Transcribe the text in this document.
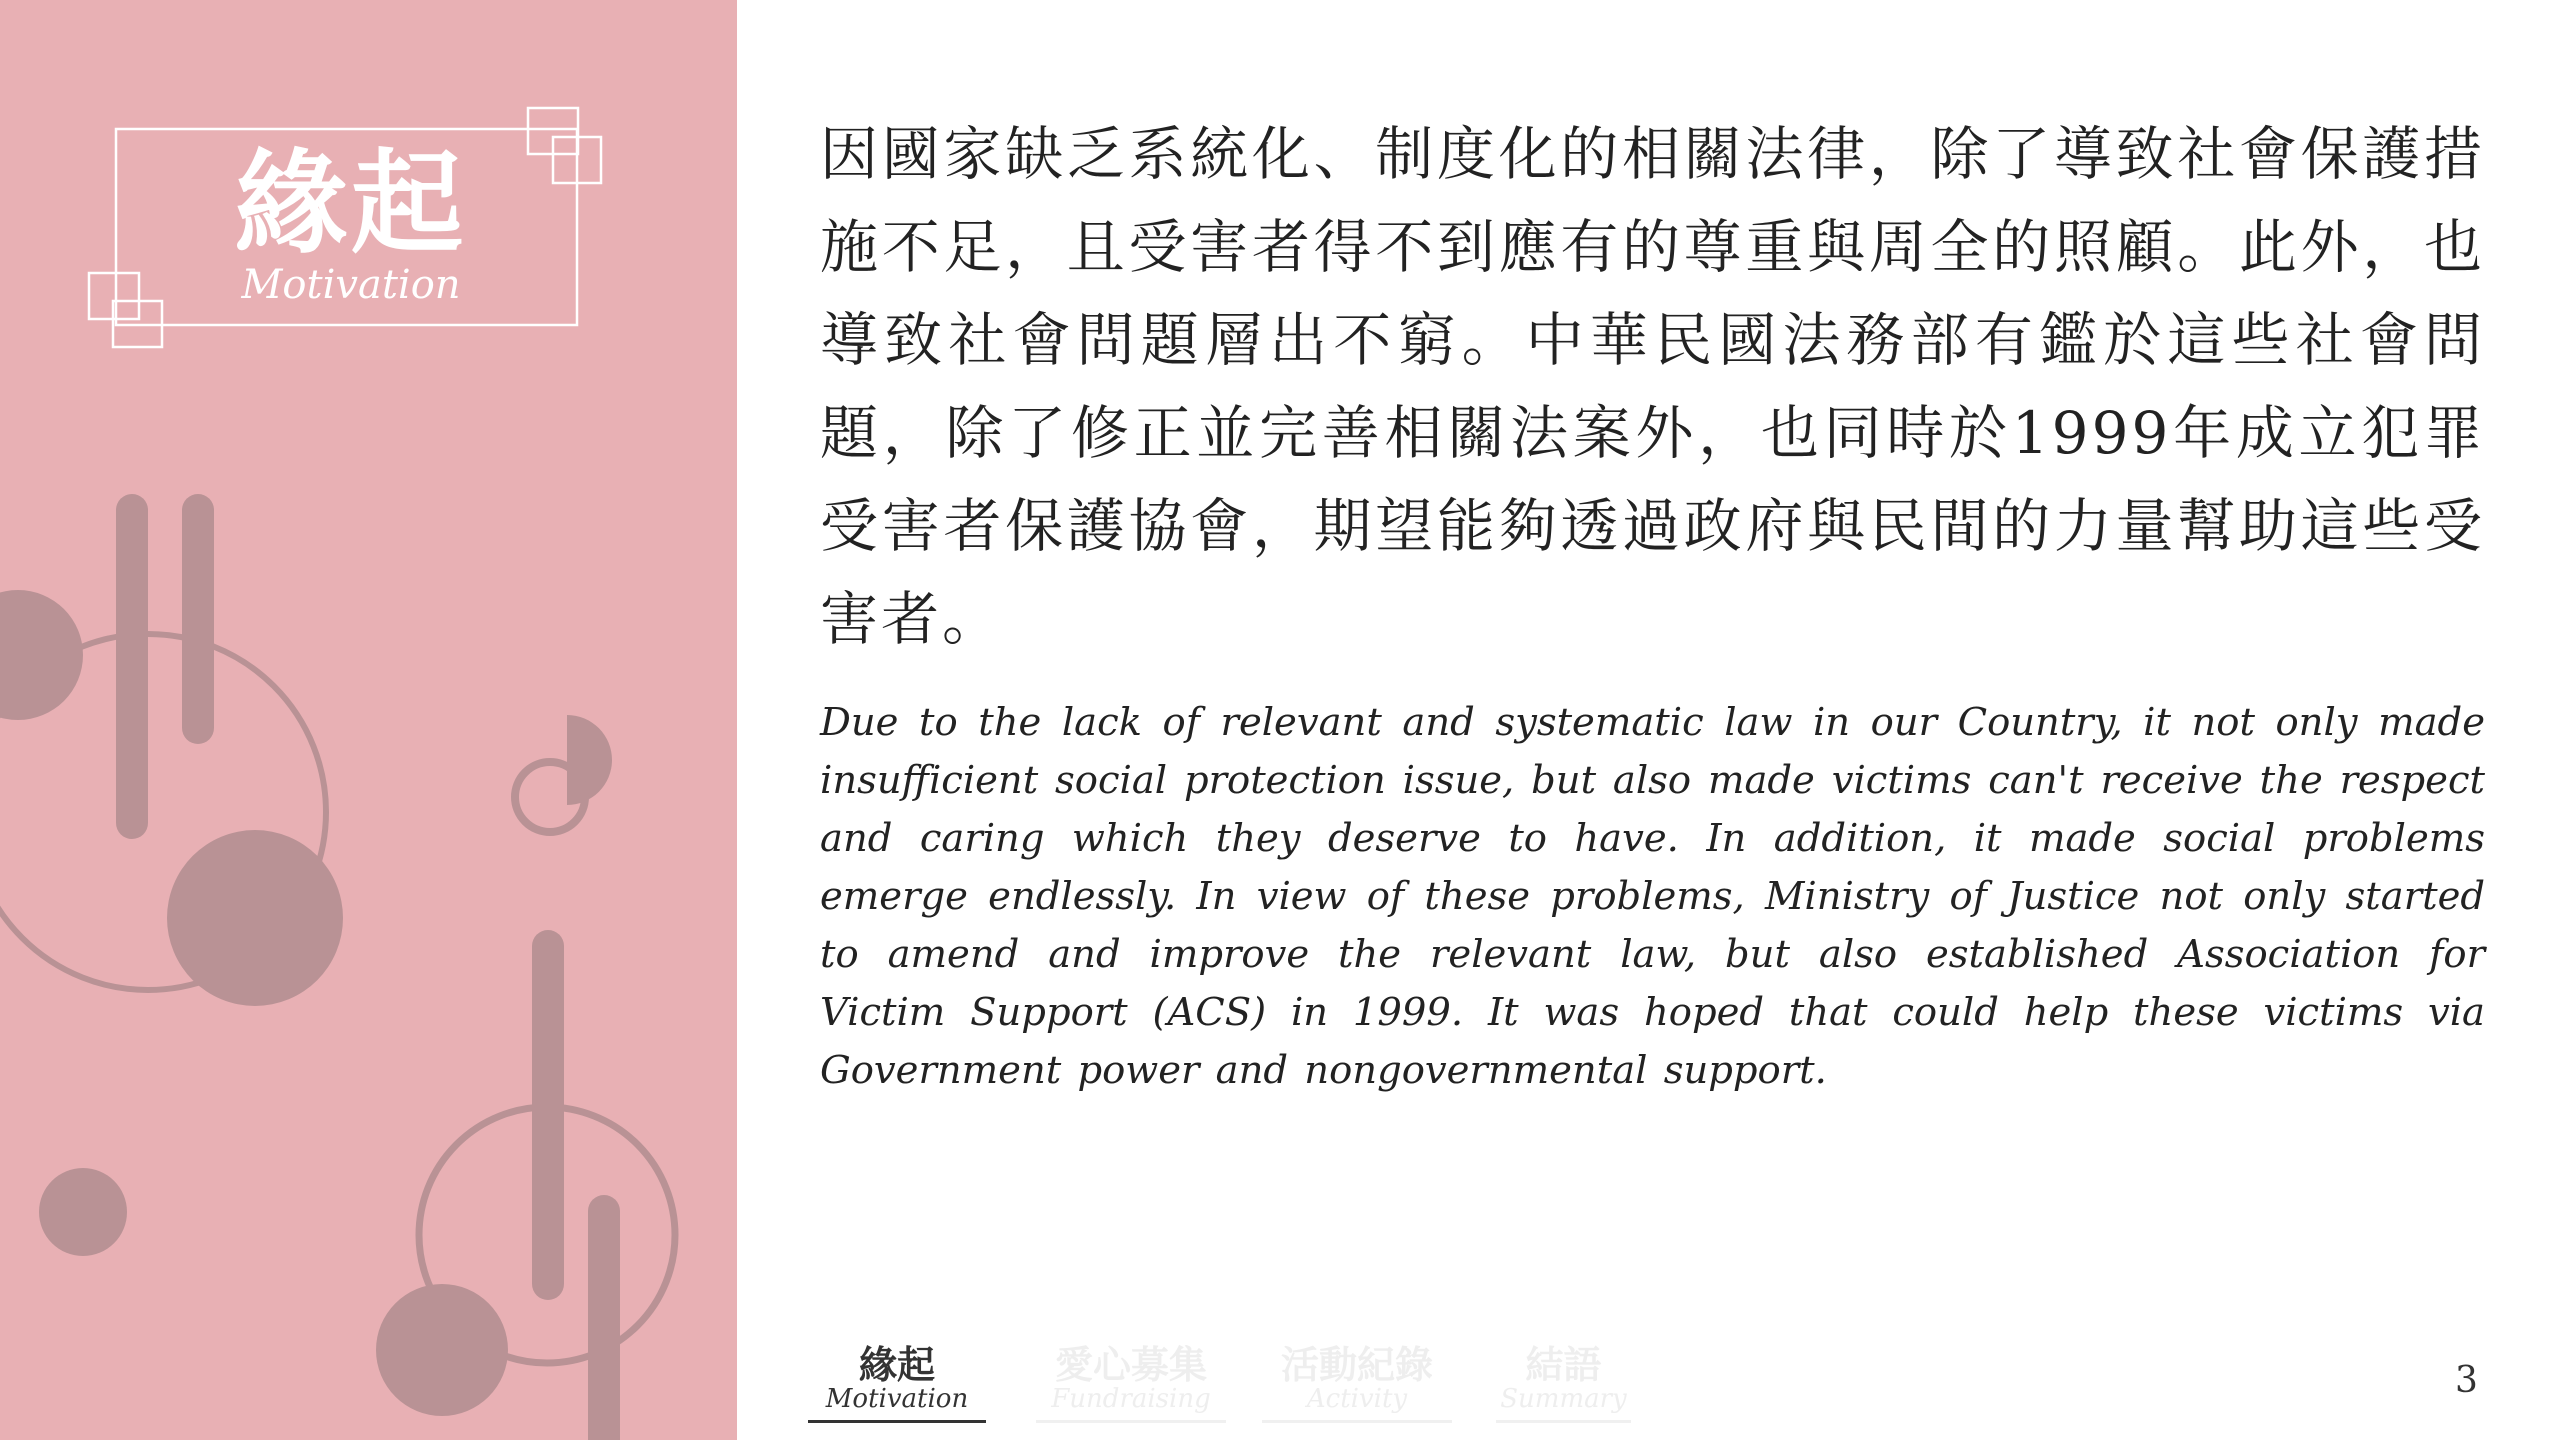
緣起
Motivation
因國家缺乏系統化、制度化的相關法律，除了導致社會保護措施不足，且受害者得不到應有的尊重與周全的照顧。此外，也導致社會問題層出不窮。中華民國法務部有鑑於這些社會問題，除了修正並完善相關法案外，也同時於1999年成立犯罪受害者保護協會，期望能夠透過政府與民間的力量幫助這些受害者。
Due to the lack of relevant and systematic law in our Country, it not only made insufficient social protection issue, but also made victims can't receive the respect and caring which they deserve to have. In addition, it made social problems emerge endlessly. In view of these problems, Ministry of Justice not only started to amend and improve the relevant law, but also established Association for Victim Support (ACS) in 1999. It was hoped that could help these victims via Government power and nongovernmental support.
緣起
Motivation
愛心募集
Fundraising
活動紀錄
Activity
結語
Summary	3
